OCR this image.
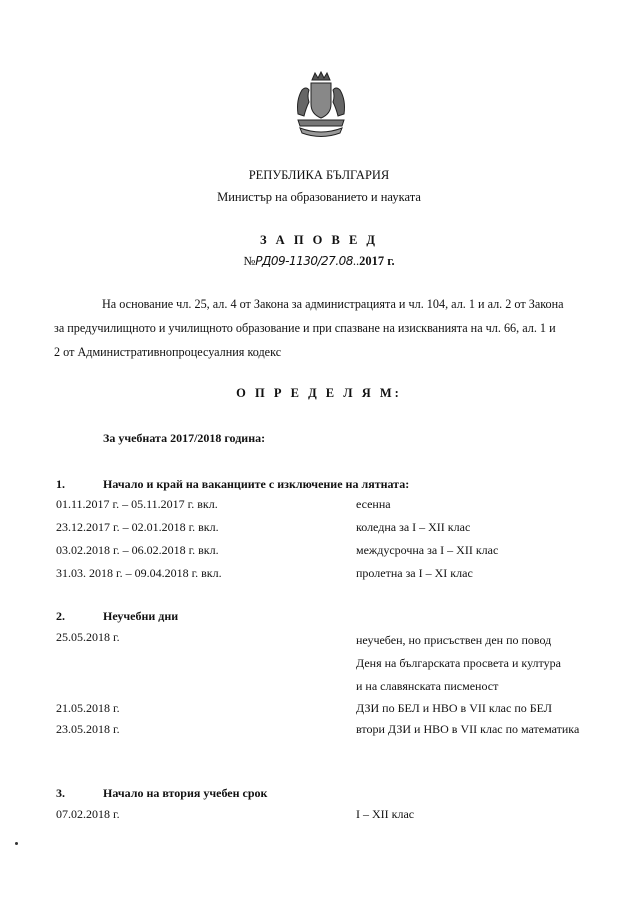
РЕПУБЛИКА БЪЛГАРИЯ
Министър на образованието и науката
З А П О В Е Д
№РД09-1130/27.08..2017 г.

На основание чл. 25, ал. 4 от Закона за администрацията и чл. 104, ал. 1 и ал. 2 от Закона

за предучилищното и училищното образование и при спазване на изискванията на чл. 66, ал. 1 и

2 от Административнопроцесуалния кодекс

О П Р Е Д Е Л Я М:
За учебната 2017/2018 година:
1.	Начало и край на ваканциите с изключение на лятната:
01.11.2017 г. – 05.11.2017 г. вкл.	есенна
23.12.2017 г. – 02.01.2018 г. вкл.	коледна за I – XII клас
03.02.2018 г. – 06.02.2018 г. вкл.	междусрочна за I – XII клас
31.03. 2018 г. – 09.04.2018 г. вкл.	пролетна за I – XI клас
2.	Неучебни дни
25.05.2018 г.	неучебен, но присъствен ден по повод
Деня на българската просвета и култура
и на славянската писменост
21.05.2018 г.	ДЗИ по БЕЛ и НВО в VII клас по БЕЛ
23.05.2018 г.	втори ДЗИ и НВО в VII клас по математика
3.	Начало на втория учебен срок
07.02.2018 г.	I – XII клас
